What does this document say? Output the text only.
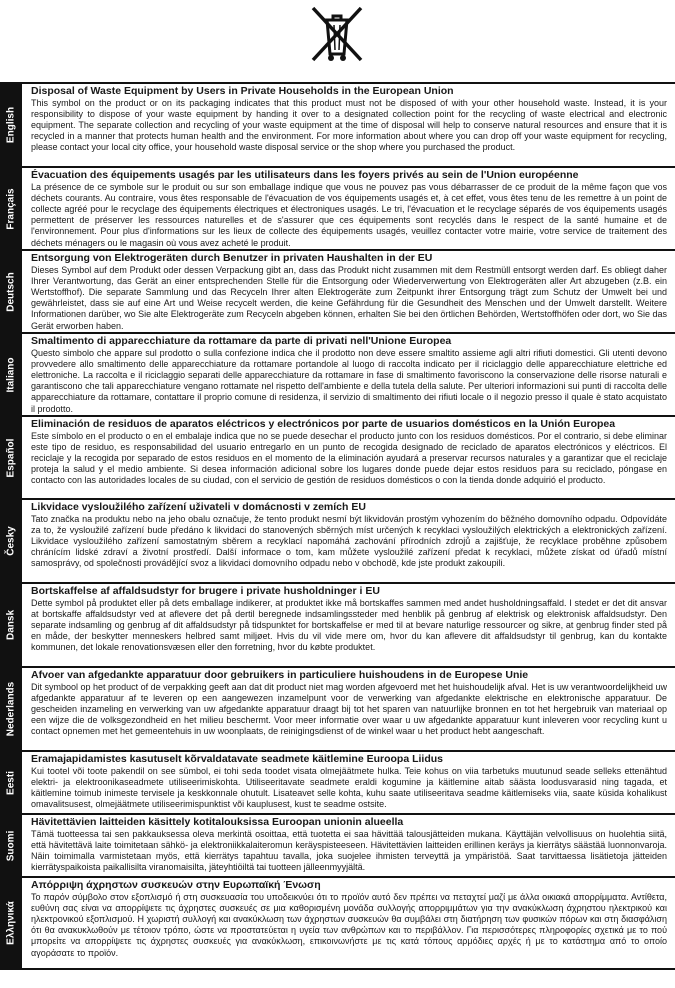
English
Disposal of Waste Equipment by Users in Private Households in the European Union

This symbol on the product or on its packaging indicates that this product must not be disposed of with your other household waste. Instead, it is your responsibility to dispose of your waste equipment by handing it over to a designated collection point for the recycling of waste electrical and electronic equipment. The separate collection and recycling of your waste equipment at the time of disposal will help to conserve natural resources and ensure that it is recycled in a manner that protects human health and the environment. For more information about where you can drop off your waste equipment for recycling, please contact your local city office, your household waste disposal service or the shop where you purchased the product.

Français
Évacuation des équipements usagés par les utilisateurs dans les foyers privés au sein de l'Union européenne

La présence de ce symbole sur le produit ou sur son emballage indique que vous ne pouvez pas vous débarrasser de ce produit de la même façon que vos déchets courants. Au contraire, vous êtes responsable de l'évacuation de vos équipements usagés et, à cet effet, vous êtes tenu de les remettre à un point de collecte agréé pour le recyclage des équipements électriques et électroniques usagés. Le tri, l'évacuation et le recyclage séparés de vos équipements usagés permettent de préserver les ressources naturelles et de s'assurer que ces équipements sont recyclés dans le respect de la santé humaine et de l'environnement. Pour plus d'informations sur les lieux de collecte des équipements usagés, veuillez contacter votre mairie, votre service de traitement des déchets ménagers ou le magasin où vous avez acheté le produit.

Deutsch
Entsorgung von Elektrogeräten durch Benutzer in privaten Haushalten in der EU

Dieses Symbol auf dem Produkt oder dessen Verpackung gibt an, dass das Produkt nicht zusammen mit dem Restmüll entsorgt werden darf. Es obliegt daher Ihrer Verantwortung, das Gerät an einer entsprechenden Stelle für die Entsorgung oder Wiederverwertung von Elektrogeräten aller Art abzugeben (z.B. ein Wertstoffhof). Die separate Sammlung und das Recyceln Ihrer alten Elektrogeräte zum Zeitpunkt ihrer Entsorgung trägt zum Schutz der Umwelt bei und gewährleistet, dass sie auf eine Art und Weise recycelt werden, die keine Gefährdung für die Gesundheit des Menschen und der Umwelt darstellt. Weitere Informationen darüber, wo Sie alte Elektrogeräte zum Recyceln abgeben können, erhalten Sie bei den örtlichen Behörden, Wertstoffhöfen oder dort, wo Sie das Gerät erworben haben.

Italiano
Smaltimento di apparecchiature da rottamare da parte di privati nell'Unione Europea

Questo simbolo che appare sul prodotto o sulla confezione indica che il prodotto non deve essere smaltito assieme agli altri rifiuti domestici. Gli utenti devono provvedere allo smaltimento delle apparecchiature da rottamare portandole al luogo di raccolta indicato per il riciclaggio delle apparecchiature elettriche ed elettroniche. La raccolta e il riciclaggio separati delle apparecchiature da rottamare in fase di smaltimento favoriscono la conservazione delle risorse naturali e garantiscono che tali apparecchiature vengano rottamate nel rispetto dell'ambiente e della tutela della salute. Per ulteriori informazioni sui punti di raccolta delle apparecchiature da rottamare, contattare il proprio comune di residenza, il servizio di smaltimento dei rifiuti locale o il negozio presso il quale è stato acquistato il prodotto.

Español
Eliminación de residuos de aparatos eléctricos y electrónicos por parte de usuarios domésticos en la Unión Europea

Este símbolo en el producto o en el embalaje indica que no se puede desechar el producto junto con los residuos domésticos. Por el contrario, si debe eliminar este tipo de residuo, es responsabilidad del usuario entregarlo en un punto de recogida designado de reciclado de aparatos electrónicos y eléctricos. El reciclaje y la recogida por separado de estos residuos en el momento de la eliminación ayudará a preservar recursos naturales y a garantizar que el reciclaje proteja la salud y el medio ambiente. Si desea información adicional sobre los lugares donde puede dejar estos residuos para su reciclado, póngase en contacto con las autoridades locales de su ciudad, con el servicio de gestión de residuos domésticos o con la tienda donde adquirió el producto.

Česky
Likvidace vysloužilého zařízení uživateli v domácnosti v zemích EU

Tato značka na produktu nebo na jeho obalu označuje, že tento produkt nesmí být likvidován prostým vyhozením do běžného domovního odpadu. Odpovídáte za to, že vysloužilé zařízení bude předáno k likvidaci do stanovených sběrných míst určených k recyklaci vysloužilých elektrických a elektronických zařízení. Likvidace vysloužilého zařízení samostatným sběrem a recyklací napomáhá zachování přírodních zdrojů a zajišťuje, že recyklace proběhne způsobem chránícím lidské zdraví a životní prostředí. Další informace o tom, kam můžete vysloužilé zařízení předat k recyklaci, můžete získat od úřadů místní samosprávy, od společnosti provádějící svoz a likvidaci domovního odpadu nebo v obchodě, kde jste produkt zakoupili.

Dansk
Bortskaffelse af affaldsudstyr for brugere i private husholdninger i EU

Dette symbol på produktet eller på dets emballage indikerer, at produktet ikke må bortskaffes sammen med andet husholdningsaffald. I stedet er det dit ansvar at bortskaffe affaldsudstyr ved at aflevere det på dertil beregnede indsamlingssteder med henblik på genbrug af elektrisk og elektronisk affaldsudstyr. Den separate indsamling og genbrug af dit affaldsudstyr på tidspunktet for bortskaffelse er med til at bevare naturlige ressourcer og sikre, at genbrug finder sted på en måde, der beskytter menneskers helbred samt miljøet. Hvis du vil vide mere om, hvor du kan aflevere dit affaldsudstyr til genbrug, kan du kontakte kommunen, det lokale renovationsvæsen eller den forretning, hvor du købte produktet.

Nederlands
Afvoer van afgedankte apparatuur door gebruikers in particuliere huishoudens in de Europese Unie

Dit symbool op het product of de verpakking geeft aan dat dit product niet mag worden afgevoerd met het huishoudelijk afval. Het is uw verantwoordelijkheid uw afgedankte apparatuur af te leveren op een aangewezen inzamelpunt voor de verwerking van afgedankte elektrische en elektronische apparatuur. De gescheiden inzameling en verwerking van uw afgedankte apparatuur draagt bij tot het sparen van natuurlijke bronnen en tot het hergebruik van materiaal op een wijze die de volksgezondheid en het milieu beschermt. Voor meer informatie over waar u uw afgedankte apparatuur kunt inleveren voor recycling kunt u contact opnemen met het gemeentehuis in uw woonplaats, de reinigingsdienst of de winkel waar u het product hebt aangeschaft.

Eesti
Eramajapidamistes kasutuselt kõrvaldatavate seadmete käitlemine Euroopa Liidus

Kui tootel või toote pakendil on see sümbol, ei tohi seda toodet visata olmejäätmete hulka. Teie kohus on viia tarbetuks muutunud seade selleks ettenähtud elektri- ja elektroonikaseadmete utiliseerimiskohta. Utiliseeritavate seadmete eraldi kogumine ja käitlemine aitab säästa loodusvarasid ning tagada, et käitlemine toimub inimeste tervisele ja keskkonnale ohutult. Lisateavet selle kohta, kuhu saate utiliseeritava seadme käitlemiseks viia, saate küsida kohalikust omavalitsusest, olmejäätmete utiliseerimispunktist või kauplusest, kust te seadme ostsite.

Suomi
Hävitettävien laitteiden käsittely kotitalouksissa Euroopan unionin alueella

Tämä tuotteessa tai sen pakkauksessa oleva merkintä osoittaa, että tuotetta ei saa hävittää talousjätteiden mukana. Käyttäjän velvollisuus on huolehtia siitä, että hävitettävä laite toimitetaan sähkö- ja elektroniikkalaiteromun keräyspisteeseen. Hävitettävien laitteiden erillinen keräys ja kierrätys säästää luonnonvaroja. Näin toimimalla varmistetaan myös, että kierrätys tapahtuu tavalla, joka suojelee ihmisten terveyttä ja ympäristöä. Saat tarvittaessa lisätietoja jätteiden kierrätyspaikoista paikallisilta viranomaisilta, jäteyhtiöiltä tai tuotteen jälleenmyyjältä.

Ελληνικά
Απόρριψη άχρηστων συσκευών στην Ευρωπαϊκή Ένωση

Το παρόν σύμβολο στον εξοπλισμό ή στη συσκευασία του υποδεικνύει ότι το προϊόν αυτό δεν πρέπει να πεταχτεί μαζί με άλλα οικιακά απορρίμματα. Αντίθετα, ευθύνη σας είναι να απορρίψετε τις άχρηστες συσκευές σε μια καθορισμένη μονάδα συλλογής απορριμμάτων για την ανακύκλωση άχρηστου ηλεκτρικού και ηλεκτρονικού εξοπλισμού. Η χωριστή συλλογή και ανακύκλωση των άχρηστων συσκευών θα συμβάλει στη διατήρηση των φυσικών πόρων και στη διασφάλιση ότι θα ανακυκλωθούν με τέτοιον τρόπο, ώστε να προστατεύεται η υγεία των ανθρώπων και το περιβάλλον. Για περισσότερες πληροφορίες σχετικά με το πού μπορείτε να απορρίψετε τις άχρηστες συσκευές για ανακύκλωση, επικοινωνήστε με τις κατά τόπους αρμόδιες αρχές ή με το κατάστημα από το οποίο αγοράσατε το προϊόν.
